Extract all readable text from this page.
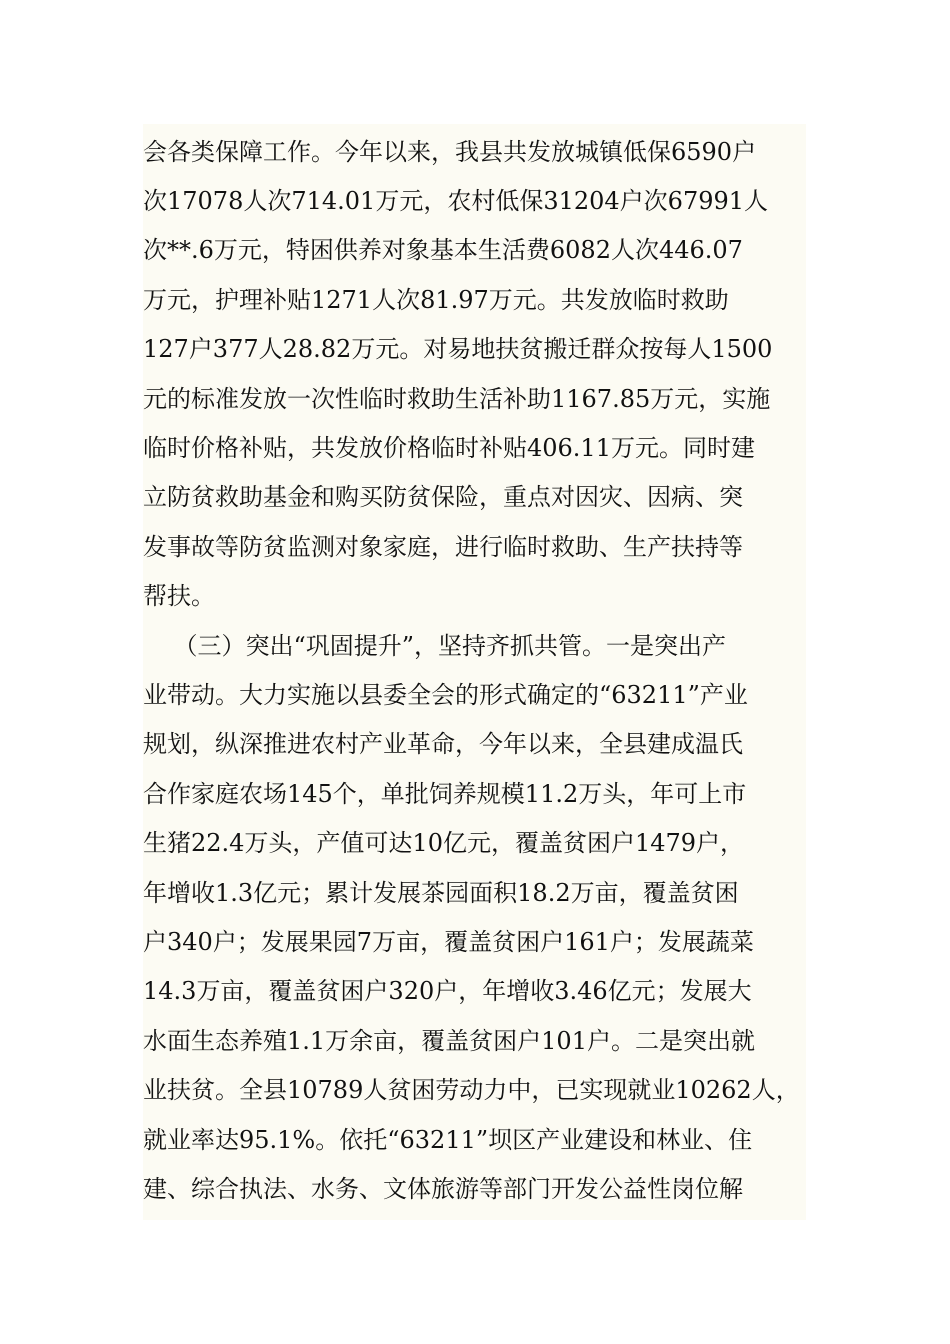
会各类保障工作。今年以来，我县共发放城镇低保6590户
次17078人次714.01万元，农村低保31204户次67991人
次**.6万元，特困供养对象基本生活费6082人次446.07
万元，护理补贴1271人次81.97万元。共发放临时救助
127户377人28.82万元。对易地扶贫搬迁群众按每人1500
元的标准发放一次性临时救助生活补助1167.85万元，实施
临时价格补贴，共发放价格临时补贴406.11万元。同时建
立防贫救助基金和购买防贫保险，重点对因灾、因病、突
发事故等防贫监测对象家庭，进行临时救助、生产扶持等
帮扶。
（三）突出“巩固提升”，坚持齐抓共管。一是突出产
业带动。大力实施以县委全会的形式确定的“63211”产业
规划，纵深推进农村产业革命，今年以来，全县建成温氏
合作家庭农场145个，单批饲养规模11.2万头，年可上市
生猪22.4万头，产值可达10亿元，覆盖贫困户1479户，
年增收1.3亿元；累计发展茶园面积18.2万亩，覆盖贫困
户340户；发展果园7万亩，覆盖贫困户161户；发展蔬菜
14.3万亩，覆盖贫困户320户，年增收3.46亿元；发展大
水面生态养殖1.1万余亩，覆盖贫困户101户。二是突出就
业扶贫。全县10789人贫困劳动力中，已实现就业10262人，
就业率达95.1%。依托“63211”坝区产业建设和林业、住
建、综合执法、水务、文体旅游等部门开发公益性岗位解
